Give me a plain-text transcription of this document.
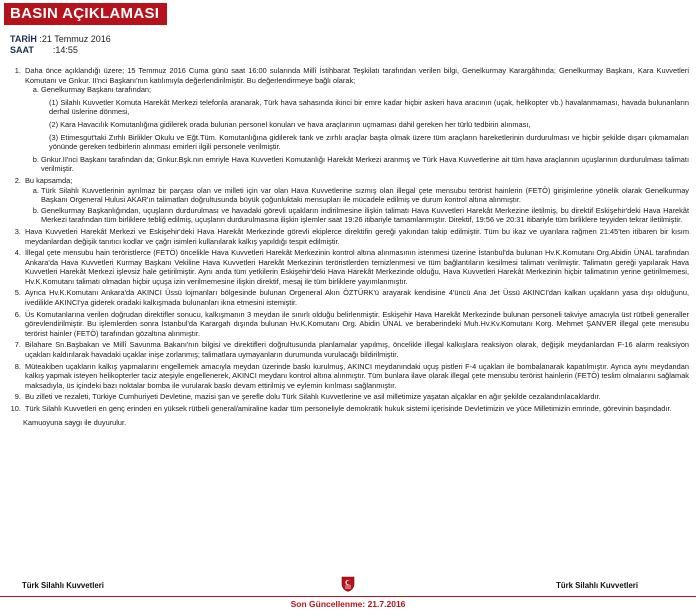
BASIN AÇIKLAMASI
TARİH :21 Temmuz 2016
SAAT :14:55
1. Daha önce açıklandığı üzere; 15 Temmuz 2016 Cuma günü saat 16:00 sularında Millî İstihbarat Teşkilatı tarafından verilen bilgi, Genelkurmay Karargâhında; Genelkurmay Başkanı, Kara Kuvvetleri Komutanı ve Gnkur. II'nci Başkanı'nın katılımıyla değerlendirilmiştir. Bu değerlendirmeye bağlı olarak;
a. Genelkurmay Başkanı tarafından;
(1) Silahlı Kuvvetler Komuta Harekât Merkezi telefonla aranarak, Türk hava sahasında ikinci bir emre kadar hiçbir askeri hava aracının (uçak, helikopter vb.) havalanmaması, havada bulunanların derhal üslerine dönmesi,
(2) Kara Havacılık Komutanlığına gidilerek orada bulunan personel konuları ve hava araçlarının uçmaması dahil gereken her türlü tedbirin alınması,
(3) Etimesgut'taki Zırhlı Birlikler Okulu ve Eğt.Tüm. Komutanlığına gidilerek tank ve zırhlı araçlar başta olmak üzere tüm araçların hareketlerinin durdurulması ve hiçbir şekilde dışarı çıkmamaları yönünde gereken tedbirlerin alınması emirleri ilgili personele verilmiştir.
b. Gnkur.II'nci Başkanı tarafından da; Gnkur.Bşk.nın emriyle Hava Kuvvetleri Komutanlığı Harekât Merkezi aranmış ve Türk Hava Kuvvetlerine ait tüm hava araçlarının uçuşlarının durdurulması talimatı verilmiştir.
2. Bu kapsamda;
a. Türk Silahlı Kuvvetlerinin ayrılmaz bir parçası olan ve milleti için var olan Hava Kuvvetlerine sızmış olan illegal çete mensubu terörist hainlerin (FETÖ) girişimlerine yönelik olarak Genelkurmay Başkanı Orgeneral Hulusi AKAR'ın talimatları doğrultusunda büyük çoğunluktaki mensupları ile mücadele edilmiş ve durum kontrol altına alınmıştır.
b. Genelkurmay Başkanlığından, uçuşların durdurulması ve havadaki görevli uçakların indirilmesine ilişkin talimatı Hava Kuvvetleri Harekât Merkezine iletilmiş, bu direktif Eskişehir'deki Hava Harekât Merkezi tarafından tüm birliklere tebliğ edilmiş, uçuşların durdurulmasına ilişkin işlemler saat 19:26 itibariyle tamamlanmıştır. Direktif, 19:56 ve 20:31 itibariyle tüm birliklere teyyiden tekrar iletilmiştir.
3. Hava Kuvvetleri Harekât Merkezi ve Eskişehir'deki Hava Harekât Merkezinde görevli ekiplerce direktifin gereği yakından takip edilmiştir. Tüm bu ikaz ve uyarılara rağmen 21:45'ten itibaren bir kısım meydanlardan değişik tanıtıcı kodlar ve çağrı isimleri kullanılarak kalkış yapıldığı tespit edilmiştir.
4. İllegal çete mensubu hain teröristlerce (FETÖ) öncelikle Hava Kuvvetleri Harekât Merkezinin kontrol altına alınmasının istenmesi üzerine İstanbul'da bulunan Hv.K.Komutanı Org.Abidin ÜNAL tarafından Ankara'da Hava Kuvvetleri Kurmay Başkanı Vekiline Hava Kuvvetleri Harekât Merkezinin teröristlerden temizlenmesi ve tüm bağlantıların kesilmesi talimatı verilmiştir. Talimatın gereği yapılarak Hava Kuvvetleri Harekât Merkezi işlevsiz hale getirilmiştir. Aynı anda tüm yetkilerin Eskişehir'deki Hava Harekât Merkezinde olduğu, Hava Kuvvetleri Harekât Merkezinin hiçbir talimatının yerine getirilmemesi, Hv.K.Komutanı talimatı olmadan hiçbir uçuşa izin verilmemesine ilişkin direktif, mesaj ile tüm birliklere yayımlanmıştır.
5. Ayrıca Hv.K.Komutanı Ankara'da AKINCI Üssü lojmanları bölgesinde bulunan Orgeneral Akın ÖZTÜRK'ü arayarak kendisine 4'üncü Ana Jet Üssü AKINCI'dan kalkan uçakların yasa dışı olduğunu, ivedilikle AKINCI'ya giderek oradaki kalkışmada bulunanları ikna etmesini istemiştir.
6. Üs Komutanlarına verilen doğrudan direktifler sonucu, kalkışmanın 3 meydan ile sınırlı olduğu belirlenmiştir. Eskişehir Hava Harekât Merkezinde bulunan personeli takviye amacıyla üst rütbeli generaller görevlendirilmiştir. Bu işlemlerden sonra İstanbul'da Karargah dışında bulunan Hv.K.Komutanı Org. Abidin ÜNAL ve beraberindeki Muh.Hv.Kv.Komutanı Korg. Mehmet ŞANVER illegal çete mensubu terörist hainler (FETÖ) tarafından gözaltına alınmıştır.
7. Bilahare Sn.Başbakan ve Millî Savunma Bakanı'nın bilgisi ve direktifleri doğrultusunda planlamalar yapılmış, öncelikle illegal kalkışlara reaksiyon olarak, değişik meydanlardan F-16 alarm reaksiyon uçakları kaldırılarak havadaki uçaklar inişe zorlanmış; talimatlara uymayanların durumunda vurulacağı bildirilmiştir.
8. Müteakiben uçakların kalkış yapmalarını engellemek amacıyla meydan üzerinde baskı kurulmuş, AKINCI meydanındaki uçuş pistleri F-4 uçakları ile bombalanarak kapatılmıştır. Ayrıca aynı meydandan kalkış yapmak isteyen helikopterler taciz ateşiyle engellenerek, AKINCI meydanı kontrol altına alınmıştır. Tüm bunlara ilave olarak illegal çete mensubu terörist hainlerin (FETÖ) teslim olmalarını sağlamak maksadıyla, üs içindeki bazı noktalar bomba ile vurularak baskı devam ettirilmiş ve eylemin kırılması sağlanmıştır.
9. Bu zilleti ve rezaleti, Türkiye Cumhuriyeti Devletine, mazisi şan ve şerefle dolu Türk Silahlı Kuvvetlerine ve asil milletimize yaşatan alçaklar en ağır şekilde cezalandırılacaklardır.
10. Türk Silahlı Kuvvetleri en genç erinden en yüksek rütbeli general/amiraline kadar tüm personeliyle demokratik hukuk sistemi içerisinde Devletimizin ve yüce Milletimizin emrinde, görevinin başındadır.
Kamuoyuna saygı ile duyurulur.
Türk Silahlı Kuvvetleri	Türk Silahlı Kuvvetleri
Son Güncellenme: 21.7.2016
